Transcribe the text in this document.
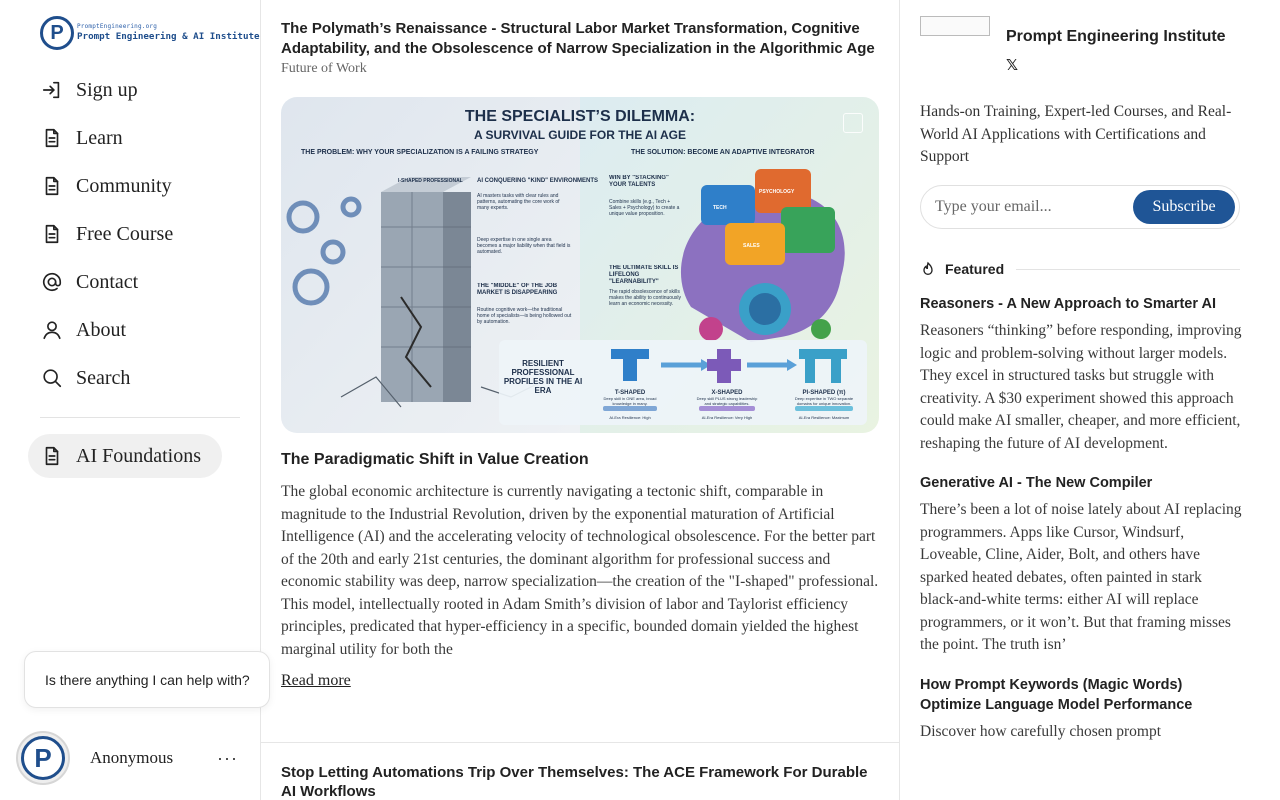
P	PromptEngineering.org
Prompt Engineering & AI Institute
Sign up
Learn
Community
Free Course
Contact
About
Search
AI Foundations
P	Anonymous	···
Is there anything I can help with?
The Polymath’s Renaissance - Structural Labor Market Transformation, Cognitive Adaptability, and the Obsolescence of Narrow Specialization in the Algorithmic Age
Future of Work
THE SPECIALIST’S DILEMMA:
A SURVIVAL GUIDE FOR THE AI AGE
THE PROBLEM: WHY YOUR SPECIALIZATION IS A FAILING STRATEGY	THE SOLUTION: BECOME AN ADAPTIVE INTEGRATOR
I-SHAPED PROFESSIONAL AI CONQUERING "KIND" ENVIRONMENTS
AI masters tasks with clear rules and patterns, automating the core work of many experts.
Deep expertise in one single area becomes a major liability when that field is automated.
THE "MIDDLE" OF THE JOB MARKET IS DISAPPEARING
Routine cognitive work—the traditional home of specialists—is being hollowed out by automation.
WIN BY "STACKING" YOUR TALENTS
Combine skills (e.g., Tech + Sales + Psychology) to create a unique value proposition.
THE ULTIMATE SKILL IS LIFELONG "LEARNABILITY"
The rapid obsolescence of skills makes the ability to continuously learn an economic necessity.
TECH
PSYCHOLOGY
SALES
RESILIENT PROFESSIONAL PROFILES IN THE AI ERA	T-SHAPED
Deep skill in ONE area, broad knowledge in many.
AI-Era Resilience: High
X-SHAPED
Deep skill PLUS strong leadership and strategic capabilities.
AI-Era Resilience: Very High
PI-SHAPED (π)
Deep expertise in TWO separate domains for unique innovation.
AI-Era Resilience: Maximum
The Paradigmatic Shift in Value Creation

The global economic architecture is currently navigating a tectonic shift, comparable in magnitude to the Industrial Revolution, driven by the exponential maturation of Artificial Intelligence (AI) and the accelerating velocity of technological obsolescence. For the better part of the 20th and early 21st centuries, the dominant algorithm for professional success and economic stability was deep, narrow specialization—the creation of the "I-shaped" professional. This model, intellectually rooted in Adam Smith’s division of labor and Taylorist efficiency principles, predicated that hyper-efficiency in a specific, bounded domain yielded the highest marginal utility for both the

Read more
Stop Letting Automations Trip Over Themselves: The ACE Framework For Durable AI Workflows
Prompt Engineering Institute
𝕏

Hands-on Training, Expert-led Courses, and Real-World AI Applications with Certifications and Support

Type your email...
Subscribe
Featured
Reasoners - A New Approach to Smarter AI
Reasoners “thinking” before responding, improving logic and problem-solving without larger models. They excel in structured tasks but struggle with creativity. A $30 experiment showed this approach could make AI smaller, cheaper, and more efficient, reshaping the future of AI development.
Generative AI - The New Compiler
There’s been a lot of noise lately about AI replacing programmers. Apps like Cursor, Windsurf, Loveable, Cline, Aider, Bolt, and others have sparked heated debates, often painted in stark black-and-white terms: either AI will replace programmers, or it won’t. But that framing misses the point. The truth isn’
How Prompt Keywords (Magic Words) Optimize Language Model Performance
Discover how carefully chosen prompt
